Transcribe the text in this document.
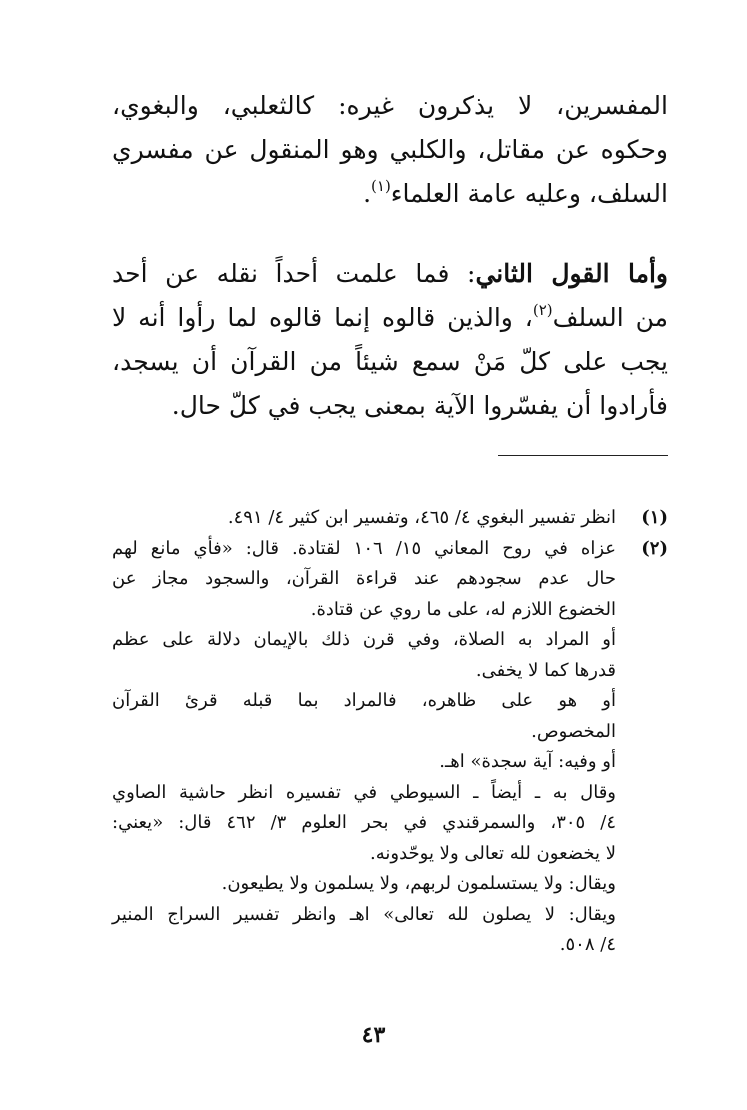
المفسرين، لا يذكرون غيره: كالثعلبي، والبغوي،
وحكوه عن مقاتل، والكلبي وهو المنقول عن مفسري
السلف، وعليه عامة العلماء$^{(١)}$.
وأما القول الثاني: فما علمت أحداً نقله عن أحد
من السلف$^{(٢)}$، والذين قالوه إنما قالوه لما رأوا أنه لا
يجب على كلّ مَنْ سمع شيئاً من القرآن أن يسجد،
فأرادوا أن يفسّروا الآية بمعنى يجب في كلّ حال.
(١)
انظر تفسير البغوي ٤/ ٤٦٥، وتفسير ابن كثير ٤/ ٤٩١.
(٢)
عزاه في روح المعاني ١٥/ ١٠٦ لقتادة. قال: «فأي مانع لهم
حال عدم سجودهم عند قراءة القرآن، والسجود مجاز عن
الخضوع اللازم له، على ما روي عن قتادة.
أو المراد به الصلاة، وفي قرن ذلك بالإيمان دلالة على عظم
قدرها كما لا يخفى.
أو هو على ظاهره، فالمراد بما قبله قرئ القرآن
المخصوص.
أو وفيه: آية سجدة» اهـ.
وقال به ـ أيضاً ـ السيوطي في تفسيره انظر حاشية الصاوي
٤/ ٣٠٥، والسمرقندي في بحر العلوم ٣/ ٤٦٢ قال: «يعني:
لا يخضعون لله تعالى ولا يوحّدونه.
ويقال: ولا يستسلمون لربهم، ولا يسلمون ولا يطيعون.
ويقال: لا يصلون لله تعالى» اهـ وانظر تفسير السراج المنير
٤/ ٥٠٨.
٤٣
